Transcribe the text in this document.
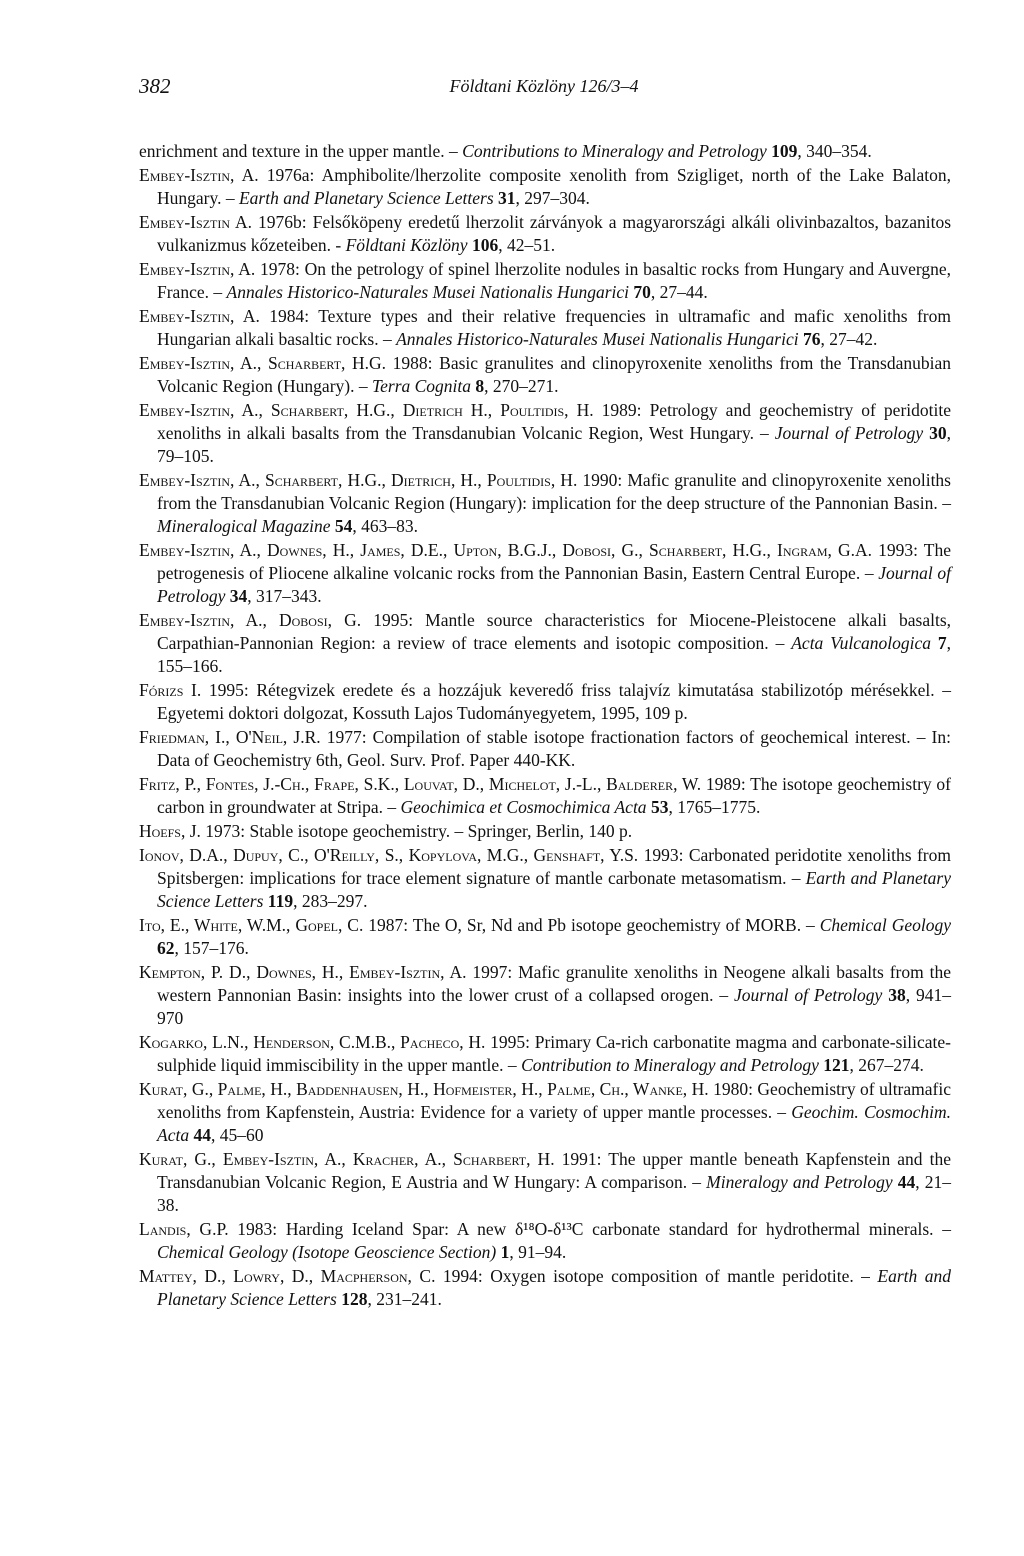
382	Földtani Közlöny 126/3–4

enrichment and texture in the upper mantle. – Contributions to Mineralogy and Petrology 109, 340–354.

Embey-Isztin, A. 1976a: Amphibolite/lherzolite composite xenolith from Szigliget, north of the Lake Balaton, Hungary. – Earth and Planetary Science Letters 31, 297–304.

Embey-Isztin A. 1976b: Felsőköpeny eredetű lherzolit zárványok a magyarországi alkáli olivinbazaltos, bazanitos vulkanizmus kőzeteiben. - Földtani Közlöny 106, 42–51.

Embey-Isztin, A. 1978: On the petrology of spinel lherzolite nodules in basaltic rocks from Hungary and Auvergne, France. – Annales Historico-Naturales Musei Nationalis Hungarici 70, 27–44.

Embey-Isztin, A. 1984: Texture types and their relative frequencies in ultramafic and mafic xenoliths from Hungarian alkali basaltic rocks. – Annales Historico-Naturales Musei Nationalis Hungarici 76, 27–42.

Embey-Isztin, A., Scharbert, H.G. 1988: Basic granulites and clinopyroxenite xenoliths from the Transdanubian Volcanic Region (Hungary). – Terra Cognita 8, 270–271.

Embey-Isztin, A., Scharbert, H.G., Dietrich H., Poultidis, H. 1989: Petrology and geochemistry of peridotite xenoliths in alkali basalts from the Transdanubian Volcanic Region, West Hungary. – Journal of Petrology 30, 79–105.

Embey-Isztin, A., Scharbert, H.G., Dietrich, H., Poultidis, H. 1990: Mafic granulite and clinopyroxenite xenoliths from the Transdanubian Volcanic Region (Hungary): implication for the deep structure of the Pannonian Basin. – Mineralogical Magazine 54, 463–83.

Embey-Isztin, A., Downes, H., James, D.E., Upton, B.G.J., Dobosi, G., Scharbert, H.G., Ingram, G.A. 1993: The petrogenesis of Pliocene alkaline volcanic rocks from the Pannonian Basin, Eastern Central Europe. – Journal of Petrology 34, 317–343.

Embey-Isztin, A., Dobosi, G. 1995: Mantle source characteristics for Miocene-Pleistocene alkali basalts, Carpathian-Pannonian Region: a review of trace elements and isotopic composition. – Acta Vulcanologica 7, 155–166.

Fórizs I. 1995: Rétegvizek eredete és a hozzájuk keveredő friss talajvíz kimutatása stabilizotóp mérésekkel. – Egyetemi doktori dolgozat, Kossuth Lajos Tudományegyetem, 1995, 109 p.

Friedman, I., O'Neil, J.R. 1977: Compilation of stable isotope fractionation factors of geochemical interest. – In: Data of Geochemistry 6th, Geol. Surv. Prof. Paper 440-KK.

Fritz, P., Fontes, J.-Ch., Frape, S.K., Louvat, D., Michelot, J.-L., Balderer, W. 1989: The isotope geochemistry of carbon in groundwater at Stripa. – Geochimica et Cosmochimica Acta 53, 1765–1775.

Hoefs, J. 1973: Stable isotope geochemistry. – Springer, Berlin, 140 p.

Ionov, D.A., Dupuy, C., O'Reilly, S., Kopylova, M.G., Genshaft, Y.S. 1993: Carbonated peridotite xenoliths from Spitsbergen: implications for trace element signature of mantle carbonate metasomatism. – Earth and Planetary Science Letters 119, 283–297.

Ito, E., White, W.M., Gopel, C. 1987: The O, Sr, Nd and Pb isotope geochemistry of MORB. – Chemical Geology 62, 157–176.

Kempton, P. D., Downes, H., Embey-Isztin, A. 1997: Mafic granulite xenoliths in Neogene alkali basalts from the western Pannonian Basin: insights into the lower crust of a collapsed orogen. – Journal of Petrology 38, 941–970

Kogarko, L.N., Henderson, C.M.B., Pacheco, H. 1995: Primary Ca-rich carbonatite magma and carbonate-silicate-sulphide liquid immiscibility in the upper mantle. – Contribution to Mineralogy and Petrology 121, 267–274.

Kurat, G., Palme, H., Baddenhausen, H., Hofmeister, H., Palme, Ch., Wanke, H. 1980: Geochemistry of ultramafic xenoliths from Kapfenstein, Austria: Evidence for a variety of upper mantle processes. – Geochim. Cosmochim. Acta 44, 45–60

Kurat, G., Embey-Isztin, A., Kracher, A., Scharbert, H. 1991: The upper mantle beneath Kapfenstein and the Transdanubian Volcanic Region, E Austria and W Hungary: A comparison. – Mineralogy and Petrology 44, 21–38.

Landis, G.P. 1983: Harding Iceland Spar: A new δ¹⁸O-δ¹³C carbonate standard for hydrothermal minerals. – Chemical Geology (Isotope Geoscience Section) 1, 91–94.

Mattey, D., Lowry, D., Macpherson, C. 1994: Oxygen isotope composition of mantle peridotite. – Earth and Planetary Science Letters 128, 231–241.
